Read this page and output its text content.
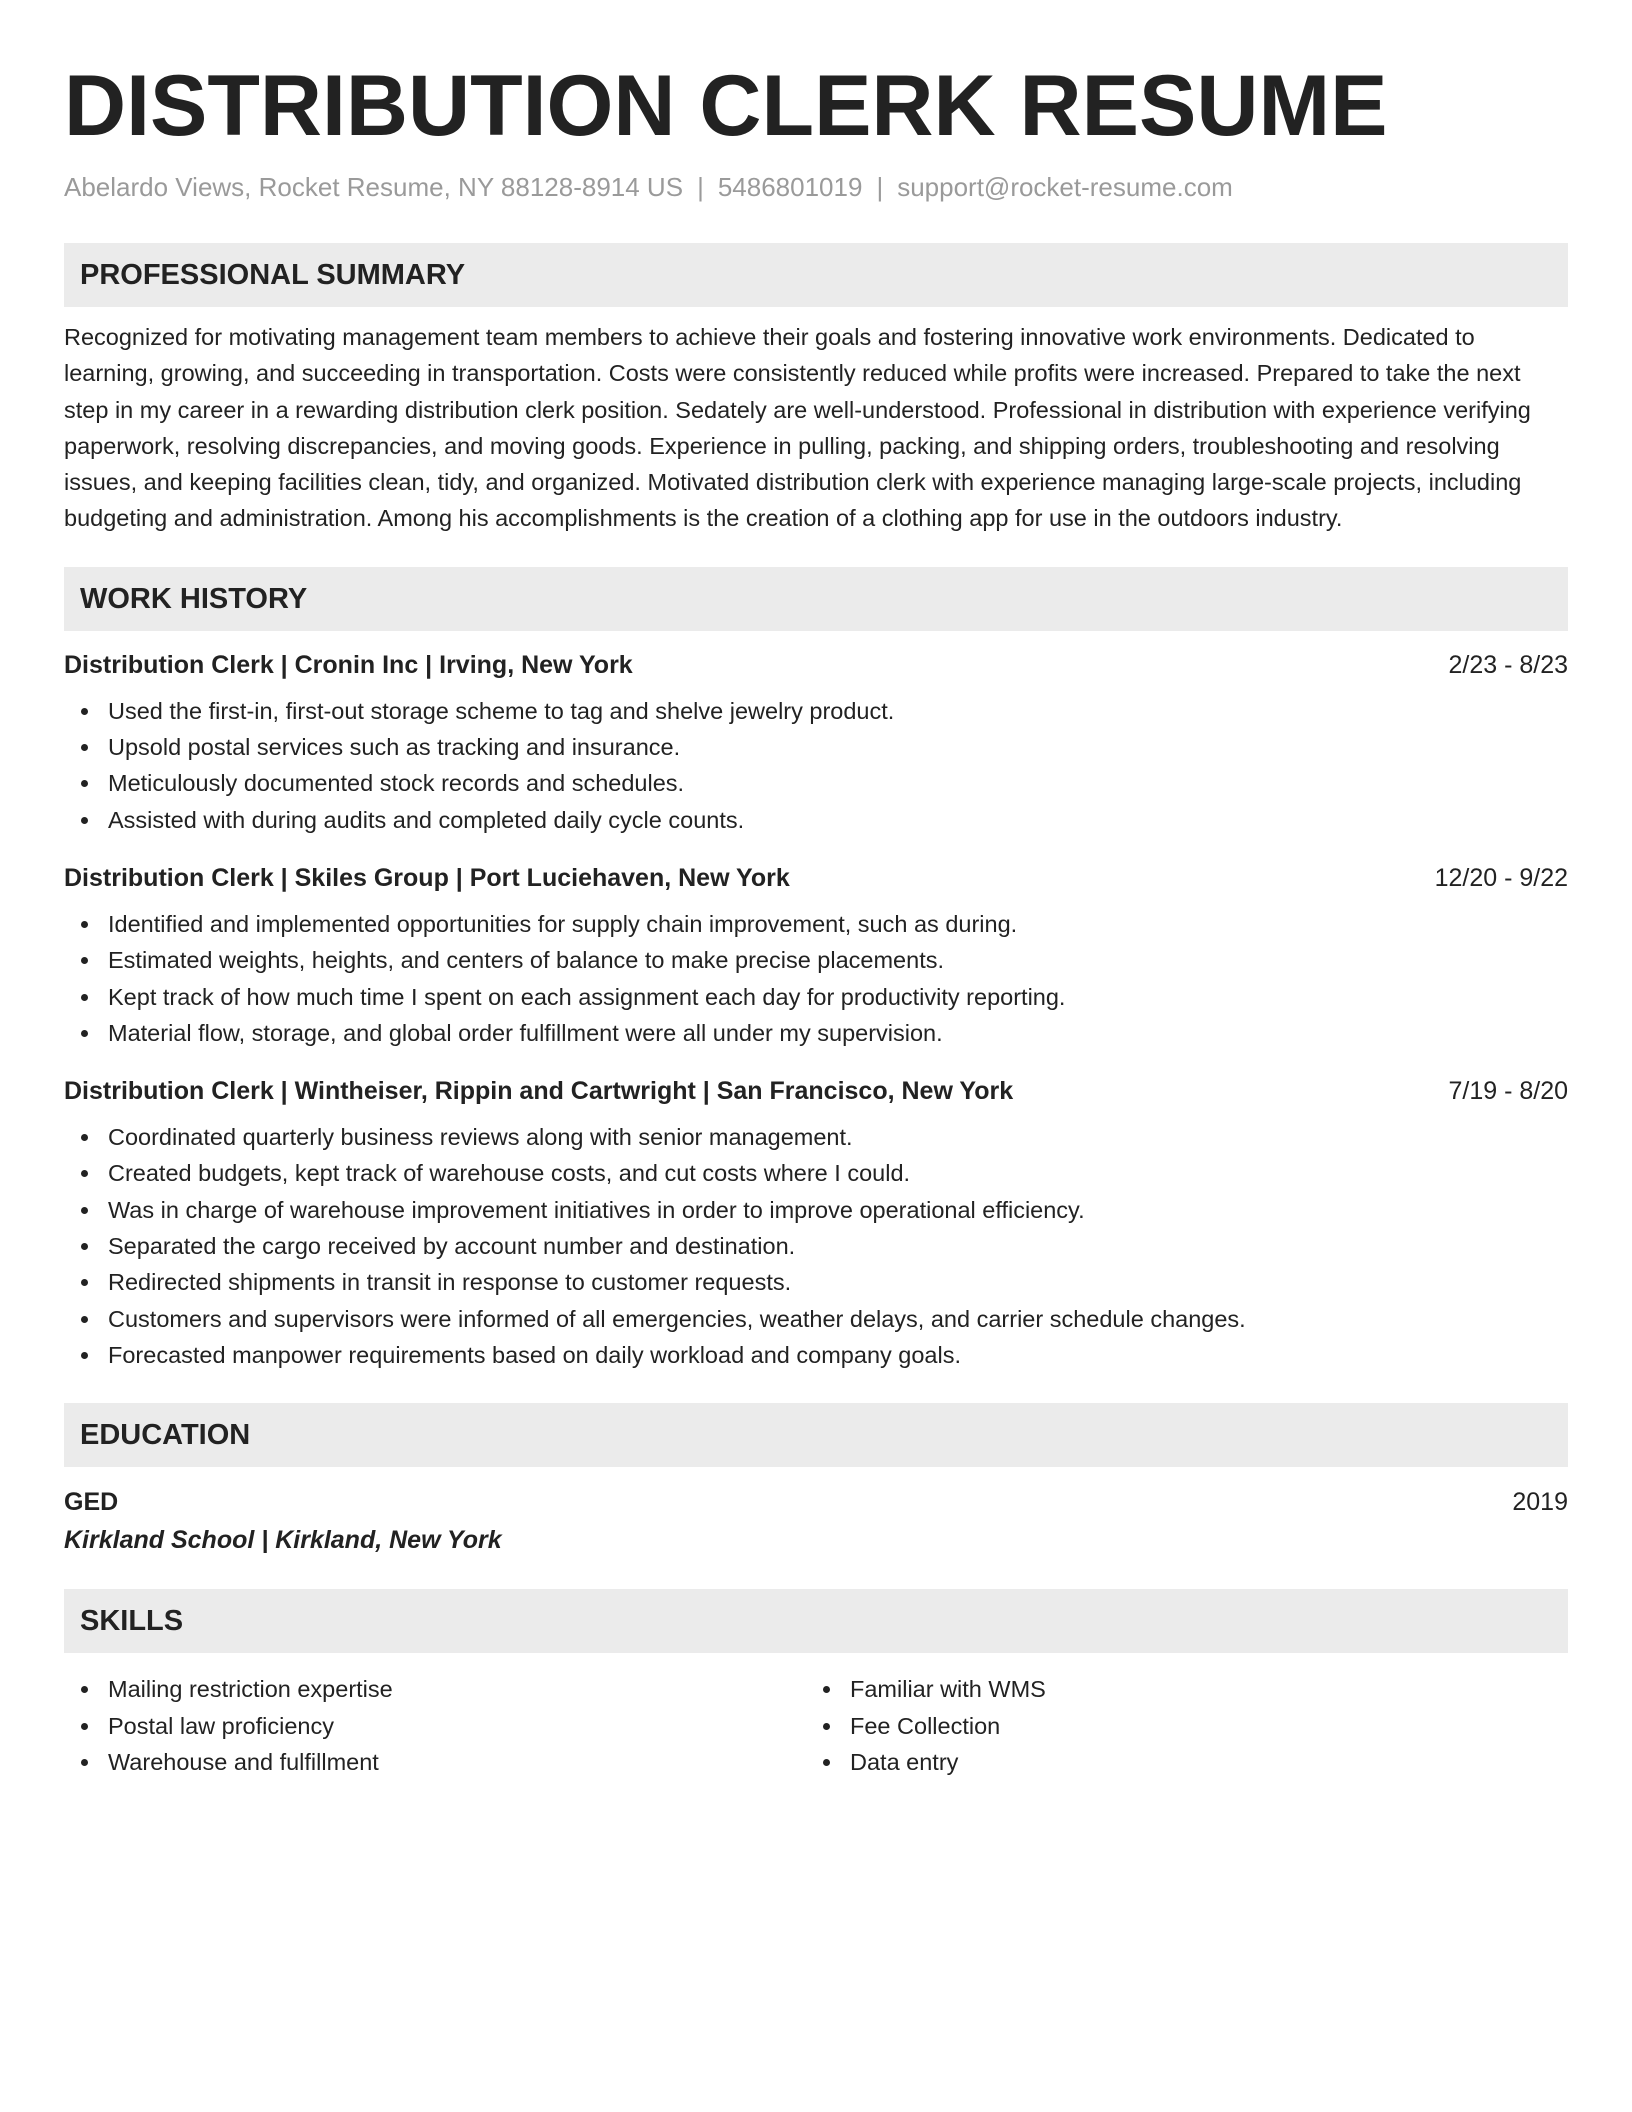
DISTRIBUTION CLERK RESUME
Abelardo Views, Rocket Resume, NY 88128-8914 US | 5486801019 | support@rocket-resume.com
PROFESSIONAL SUMMARY
Recognized for motivating management team members to achieve their goals and fostering innovative work environments. Dedicated to learning, growing, and succeeding in transportation. Costs were consistently reduced while profits were increased. Prepared to take the next step in my career in a rewarding distribution clerk position. Sedately are well-understood. Professional in distribution with experience verifying paperwork, resolving discrepancies, and moving goods. Experience in pulling, packing, and shipping orders, troubleshooting and resolving issues, and keeping facilities clean, tidy, and organized. Motivated distribution clerk with experience managing large-scale projects, including budgeting and administration. Among his accomplishments is the creation of a clothing app for use in the outdoors industry.
WORK HISTORY
Distribution Clerk | Cronin Inc | Irving, New York	2/23 - 8/23
Used the first-in, first-out storage scheme to tag and shelve jewelry product.
Upsold postal services such as tracking and insurance.
Meticulously documented stock records and schedules.
Assisted with during audits and completed daily cycle counts.
Distribution Clerk | Skiles Group | Port Luciehaven, New York	12/20 - 9/22
Identified and implemented opportunities for supply chain improvement, such as during.
Estimated weights, heights, and centers of balance to make precise placements.
Kept track of how much time I spent on each assignment each day for productivity reporting.
Material flow, storage, and global order fulfillment were all under my supervision.
Distribution Clerk | Wintheiser, Rippin and Cartwright | San Francisco, New York	7/19 - 8/20
Coordinated quarterly business reviews along with senior management.
Created budgets, kept track of warehouse costs, and cut costs where I could.
Was in charge of warehouse improvement initiatives in order to improve operational efficiency.
Separated the cargo received by account number and destination.
Redirected shipments in transit in response to customer requests.
Customers and supervisors were informed of all emergencies, weather delays, and carrier schedule changes.
Forecasted manpower requirements based on daily workload and company goals.
EDUCATION
GED	2019
Kirkland School | Kirkland, New York
SKILLS
Mailing restriction expertise
Postal law proficiency
Warehouse and fulfillment
Familiar with WMS
Fee Collection
Data entry
